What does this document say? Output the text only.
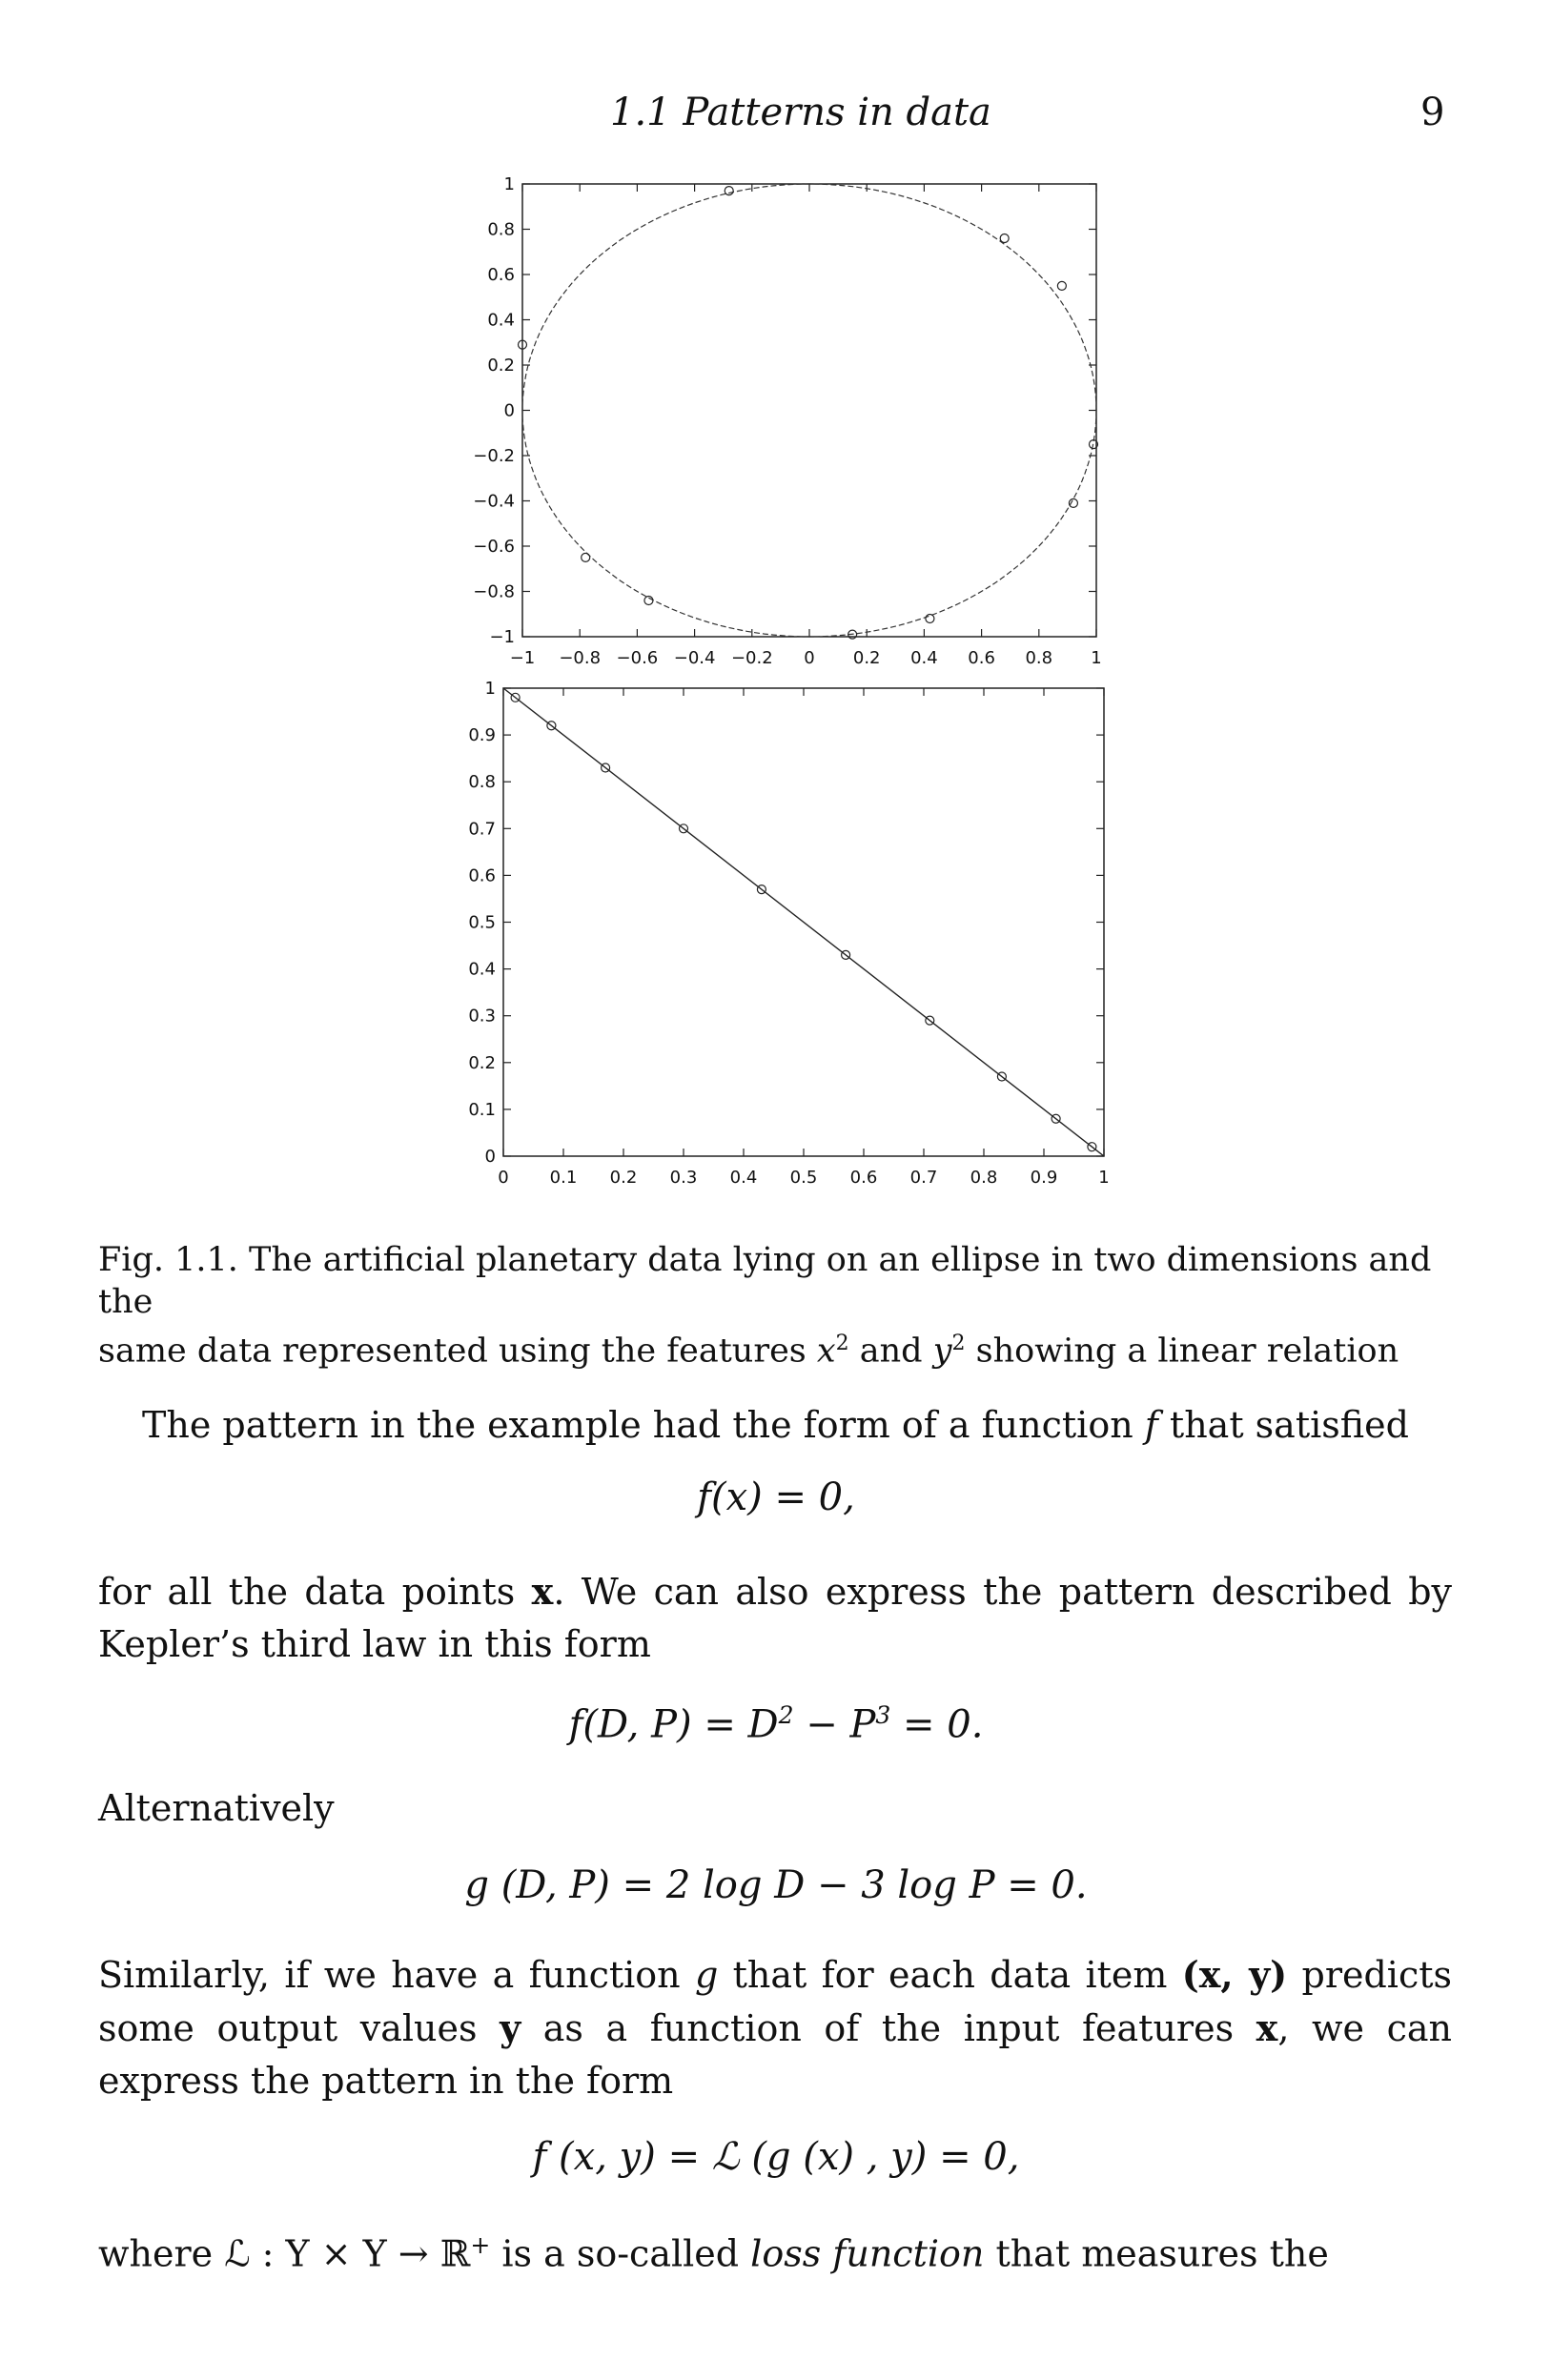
1.1 Patterns in data	9
−1 −0.8 −0.6 −0.4 −0.2 0 0.2 0.4 0.6 0.8 1
−1
−0.8
−0.6
−0.4
−0.2
0
0.2
0.4
0.6
0.8
1
0 0.1 0.2 0.3 0.4 0.5 0.6 0.7 0.8 0.9 1
0
0.1
0.2
0.3
0.4
0.5
0.6
0.7
0.8
0.9
1
Fig. 1.1. The artificial planetary data lying on an ellipse in two dimensions and the
same data represented using the features $x^2$ and $y^2$ showing a linear relation
The pattern in the example had the form of a function f that satisfied
f(x) = 0,
for all the data points x. We can also express the pattern described by Kepler’s third law in this form
f(D, $P) = D^2 - P^3 = 0$.
Alternatively
g (D, P) = 2 log D − 3 log P = 0.
Similarly, if we have a function g that for each data item (x, y) predicts some output values y as a function of the input features x, we can express the pattern in the form
f (x, y) = ℒ (g (x) , y) = 0,
where ℒ : Y × Y → ℝ+ is a so-called loss function that measures the
